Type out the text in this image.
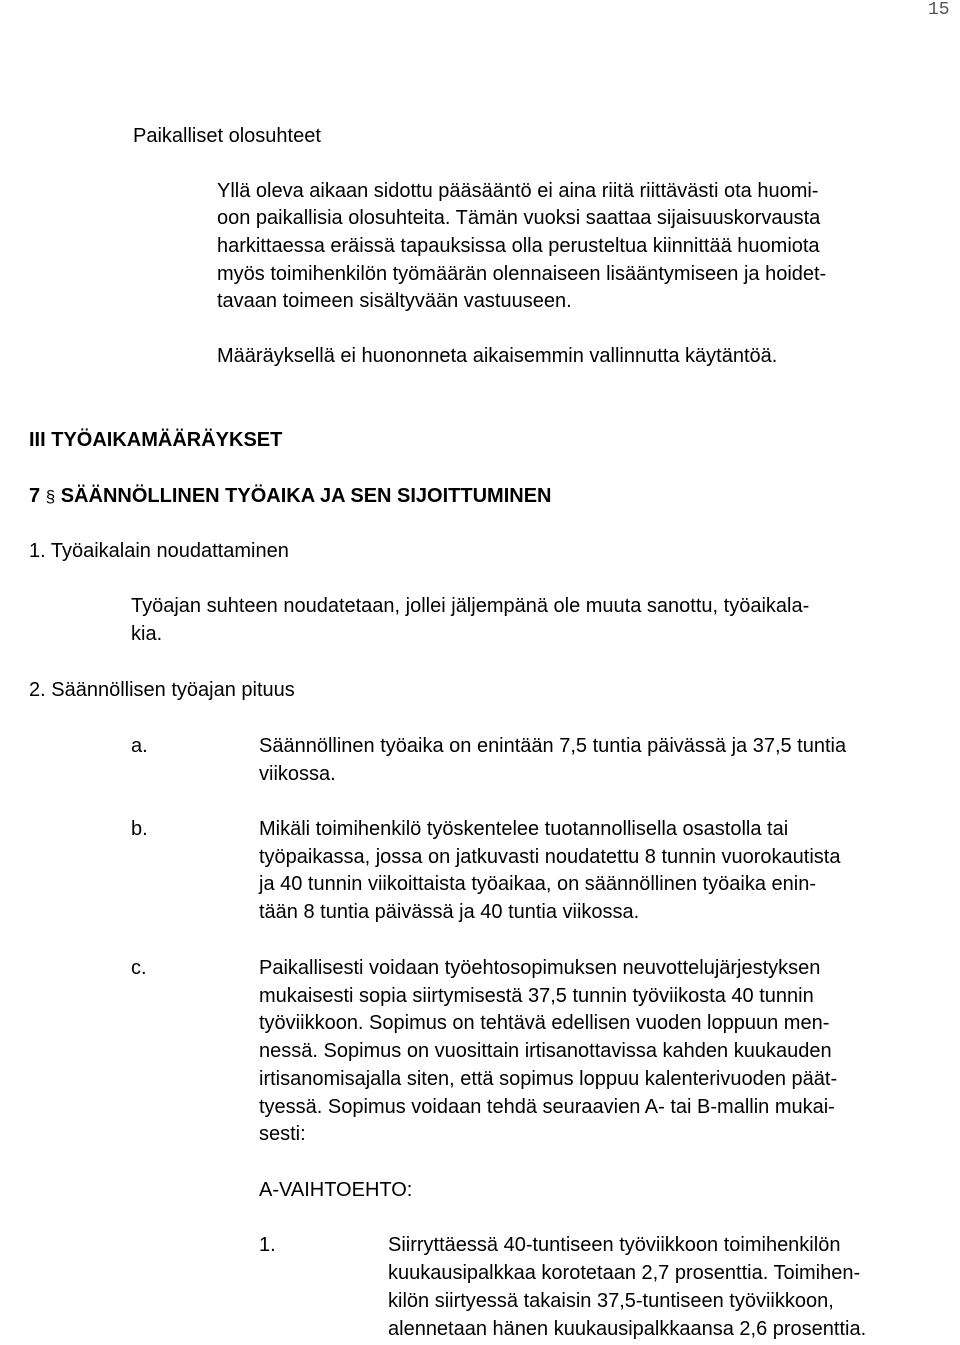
15
Paikalliset olosuhteet
Yllä oleva aikaan sidottu pääsääntö ei aina riitä riittävästi ota huomi-
oon paikallisia olosuhteita. Tämän vuoksi saattaa sijaisuuskorvausta
harkittaessa eräissä tapauksissa olla perusteltua kiinnittää huomiota
myös toimihenkilön työmäärän olennaiseen lisääntymiseen ja hoidet-
tavaan toimeen sisältyvään vastuuseen.
Määräyksellä ei huononneta aikaisemmin vallinnutta käytäntöä.
III TYÖAIKAMÄÄRÄYKSET
7 § SÄÄNNÖLLINEN TYÖAIKA JA SEN SIJOITTUMINEN
1. Työaikalain noudattaminen
Työajan suhteen noudatetaan, jollei jäljempänä ole muuta sanottu, työaikala-
kia.
2. Säännöllisen työajan pituus
a.	Säännöllinen työaika on enintään 7,5 tuntia päivässä ja 37,5 tuntia
viikossa.
b.	Mikäli toimihenkilö työskentelee tuotannollisella osastolla tai
työpaikassa, jossa on jatkuvasti noudatettu 8 tunnin vuorokautista
ja 40 tunnin viikoittaista työaikaa, on säännöllinen työaika enin-
tään 8 tuntia päivässä ja 40 tuntia viikossa.
c.	Paikallisesti voidaan työehtosopimuksen neuvottelujärjestyksen
mukaisesti sopia siirtymisestä 37,5 tunnin työviikosta 40 tunnin
työviikkoon. Sopimus on tehtävä edellisen vuoden loppuun men-
nessä. Sopimus on vuosittain irtisanottavissa kahden kuukauden
irtisanomisajalla siten, että sopimus loppuu kalenterivuoden päät-
tyessä. Sopimus voidaan tehdä seuraavien A- tai B-mallin mukai-
sesti:
A-VAIHTOEHTO:
1.	Siirryttäessä 40-tuntiseen työviikkoon toimihenkilön
kuukausipalkkaa korotetaan 2,7 prosenttia. Toimihen-
kilön siirtyessä takaisin 37,5-tuntiseen työviikkoon,
alennetaan hänen kuukausipalkkaansa 2,6 prosenttia.
